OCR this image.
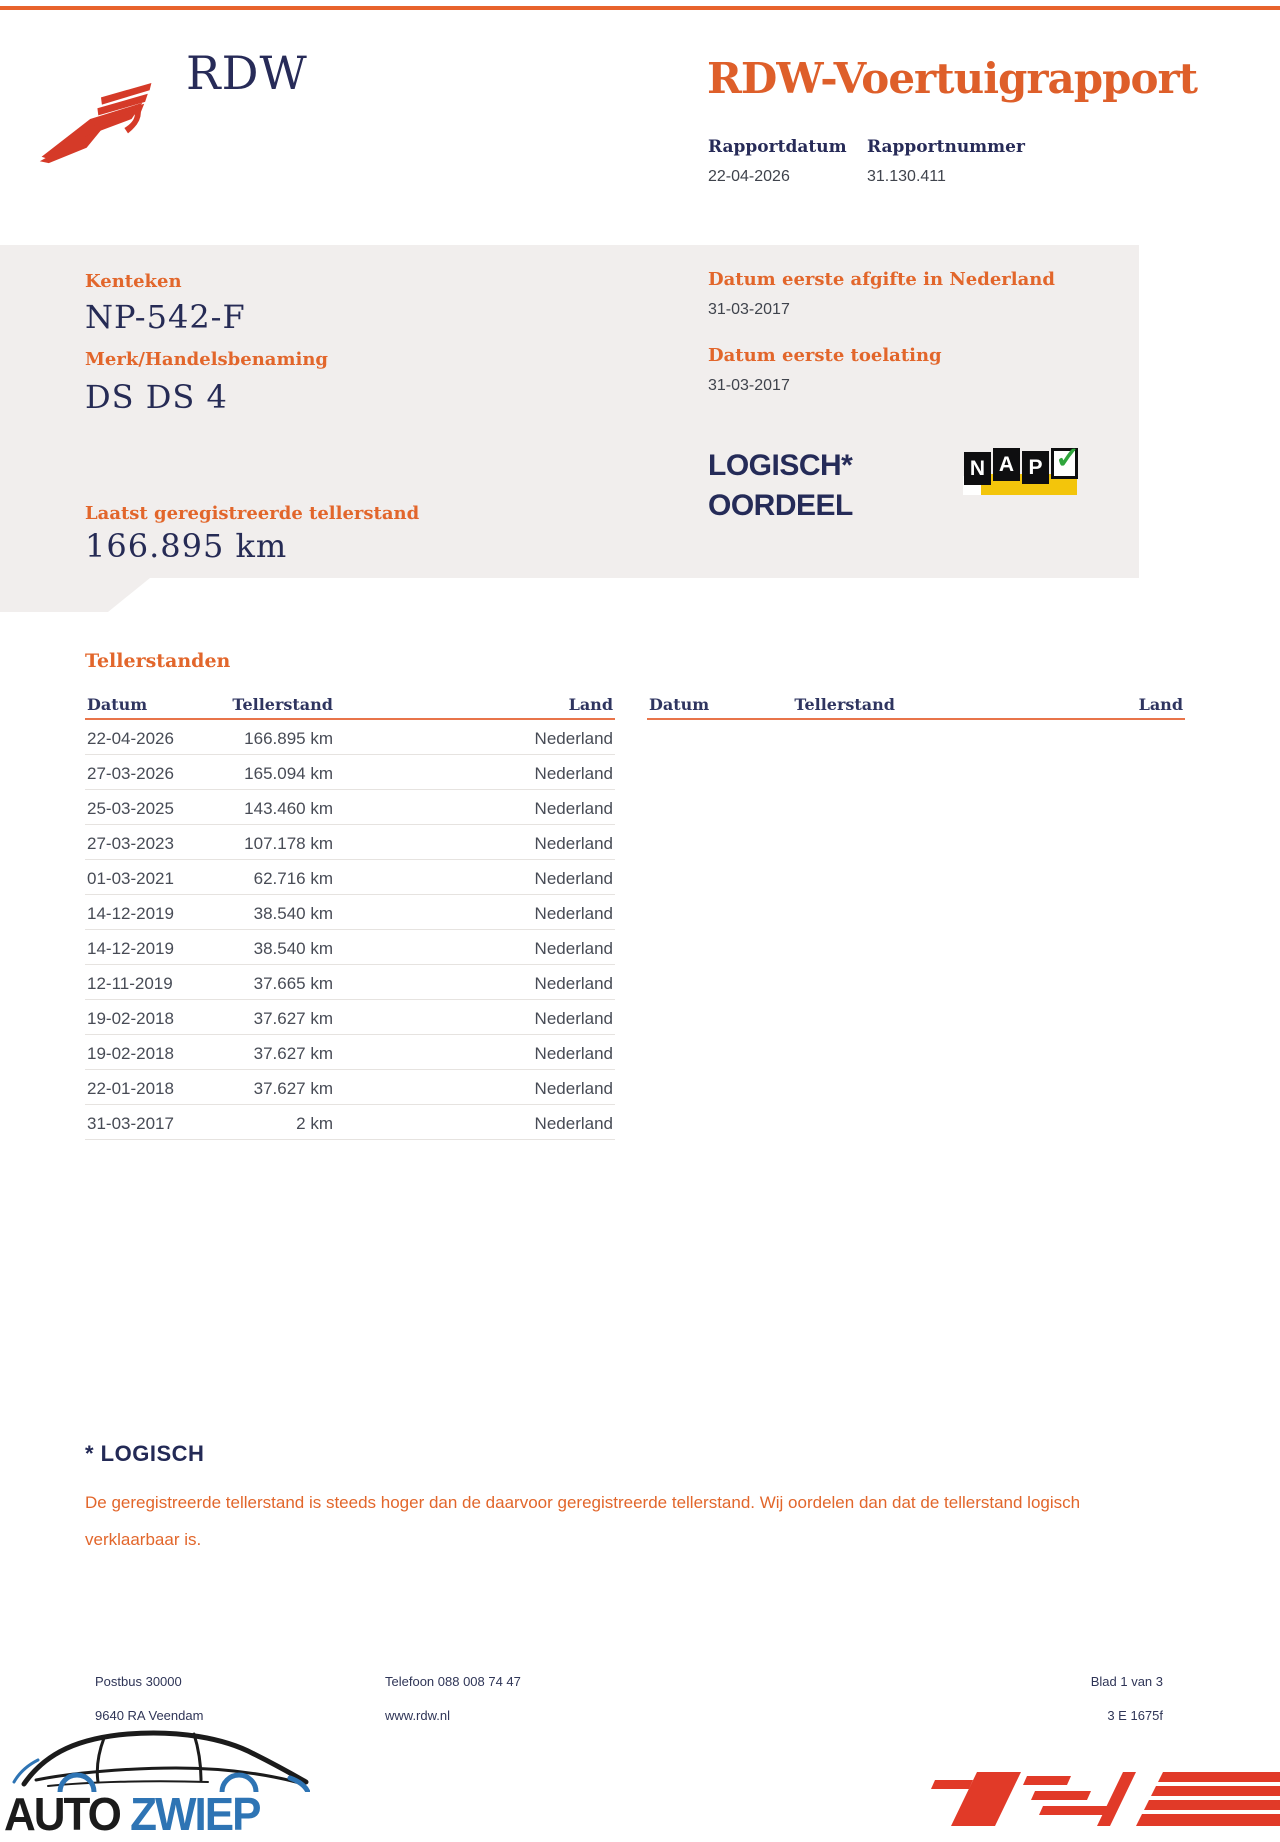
RDW	RDW-Voertuigrapport
Rapportdatum Rapportnummer
22-04-2026	31.130.411
Kenteken
NP-542-F
Merk/Handelsbenaming
DS DS 4
Laatst geregistreerde tellerstand
166.895 km
Datum eerste afgifte in Nederland
31-03-2017
Datum eerste toelating
31-03-2017
LOGISCH*
OORDEEL
N A P ✓
Tellerstanden
Datum	Tellerstand	Land
22-04-2026	166.895 km	Nederland
27-03-2026	165.094 km	Nederland
25-03-2025	143.460 km	Nederland
27-03-2023	107.178 km	Nederland
01-03-2021	62.716 km	Nederland
14-12-2019	38.540 km	Nederland
14-12-2019	38.540 km	Nederland
12-11-2019	37.665 km	Nederland
19-02-2018	37.627 km	Nederland
19-02-2018	37.627 km	Nederland
22-01-2018	37.627 km	Nederland
31-03-2017	2 km	Nederland
Datum	Tellerstand	Land
* LOGISCH
De geregistreerde tellerstand is steeds hoger dan de daarvoor geregistreerde tellerstand. Wij oordelen dan dat de tellerstand logisch verklaarbaar is.
Postbus 30000
9640 RA Veendam
Telefoon 088 008 74 47
www.rdw.nl
Blad 1 van 3
3 E 1675f
AUTO ZWIEP
